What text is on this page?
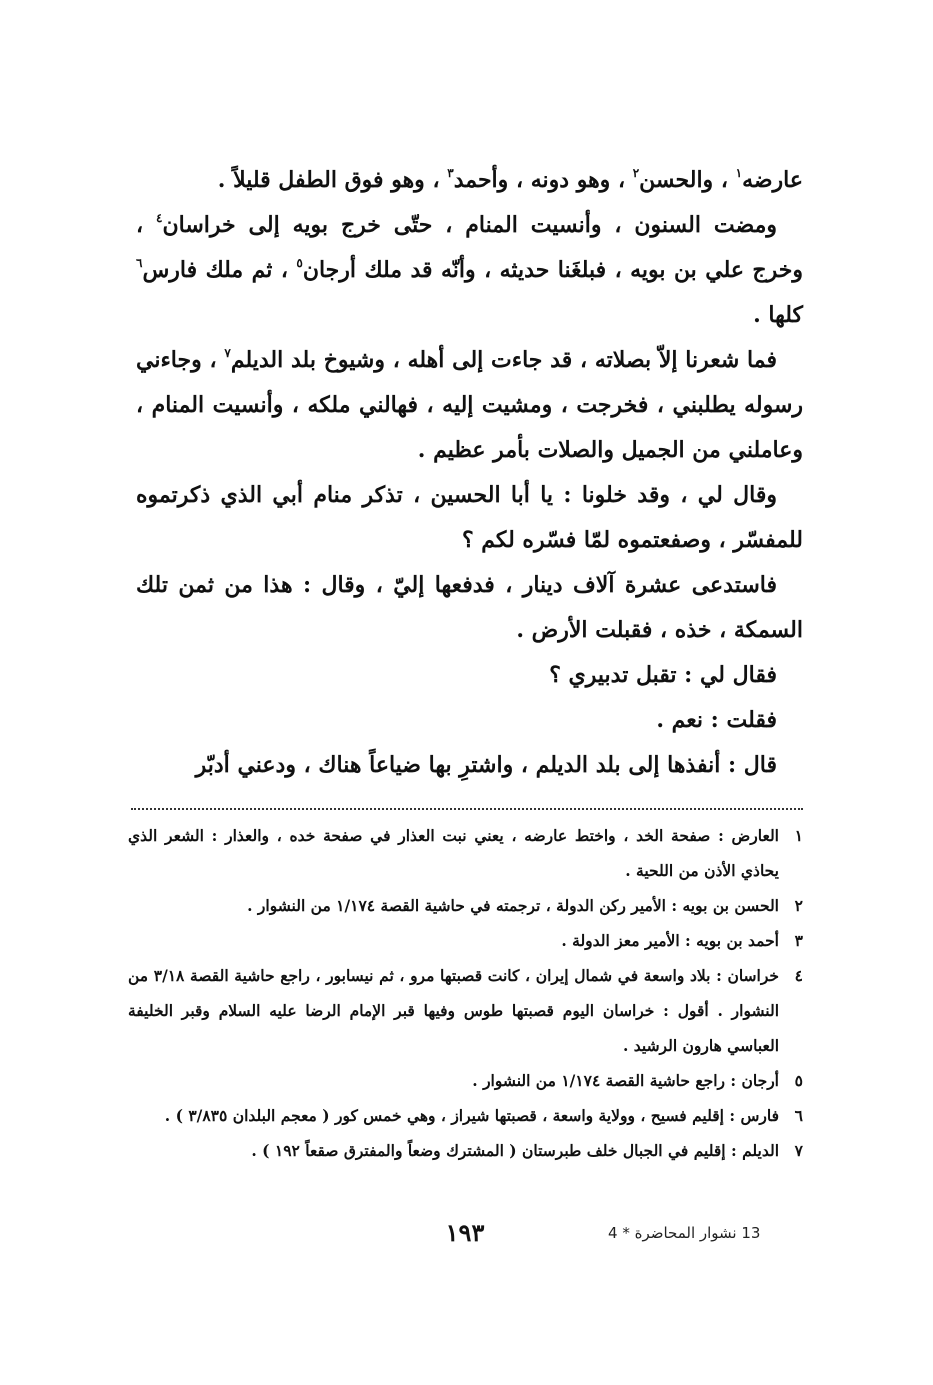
عارضه$^١$ ، والحسن$^٢$ ، وهو دونه ، وأحمد$^٣$ ، وهو فوق الطفل قليلاً .

ومضت السنون ، وأنسيت المنام ، حتّى خرج بويه إلى خراسان$^٤$ ، وخرج علي بن بويه ، فبلغَنا حديثه ، وأنّه قد ملك أرجان$^٥$ ، ثم ملك فارس$^٦$ كلها .

فما شعرنا إلاّ بصلاته ، قد جاءت إلى أهله ، وشيوخ بلد الديلم$^٧$ ، وجاءني رسوله يطلبني ، فخرجت ، ومشيت إليه ، فهالني ملكه ، وأنسيت المنام ، وعاملني من الجميل والصلات بأمر عظيم .

وقال لي ، وقد خلونا : يا أبا الحسين ، تذكر منام أبي الذي ذكرتموه للمفسّر ، وصفعتموه لمّا فسّره لكم ؟

فاستدعى عشرة آلاف دينار ، فدفعها إليّ ، وقال : هذا من ثمن تلك السمكة ، خذه ، فقبلت الأرض .

فقال لي : تقبل تدبيري ؟

فقلت : نعم .

قال : أنفذها إلى بلد الديلم ، واشترِ بها ضياعاً هناك ، ودعني أدبّر

١
العارض : صفحة الخد ، واختط عارضه ، يعني نبت العذار في صفحة خده ، والعذار : الشعر الذي يحاذي الأذن من اللحية .
٢
الحسن بن بويه : الأمير ركن الدولة ، ترجمته في حاشية القصة ١/١٧٤ من النشوار .
٣
أحمد بن بويه : الأمير معز الدولة .
٤
خراسان : بلاد واسعة في شمال إيران ، كانت قصبتها مرو ، ثم نيسابور ، راجع حاشية القصة ٣/١٨ من النشوار . أقول : خراسان اليوم قصبتها طوس وفيها قبر الإمام الرضا عليه السلام وقبر الخليفة العباسي هارون الرشيد .
٥
أرجان : راجع حاشية القصة ١/١٧٤ من النشوار .
٦
فارس : إقليم فسيح ، وولاية واسعة ، قصبتها شيراز ، وهي خمس كور ( معجم البلدان ٣/٨٣٥ ) .
٧
الديلم : إقليم في الجبال خلف طبرستان ( المشترك وضعاً والمفترق صقعاً ١٩٢ ) .
١٩٣	13 نشوار المحاضرة * 4
